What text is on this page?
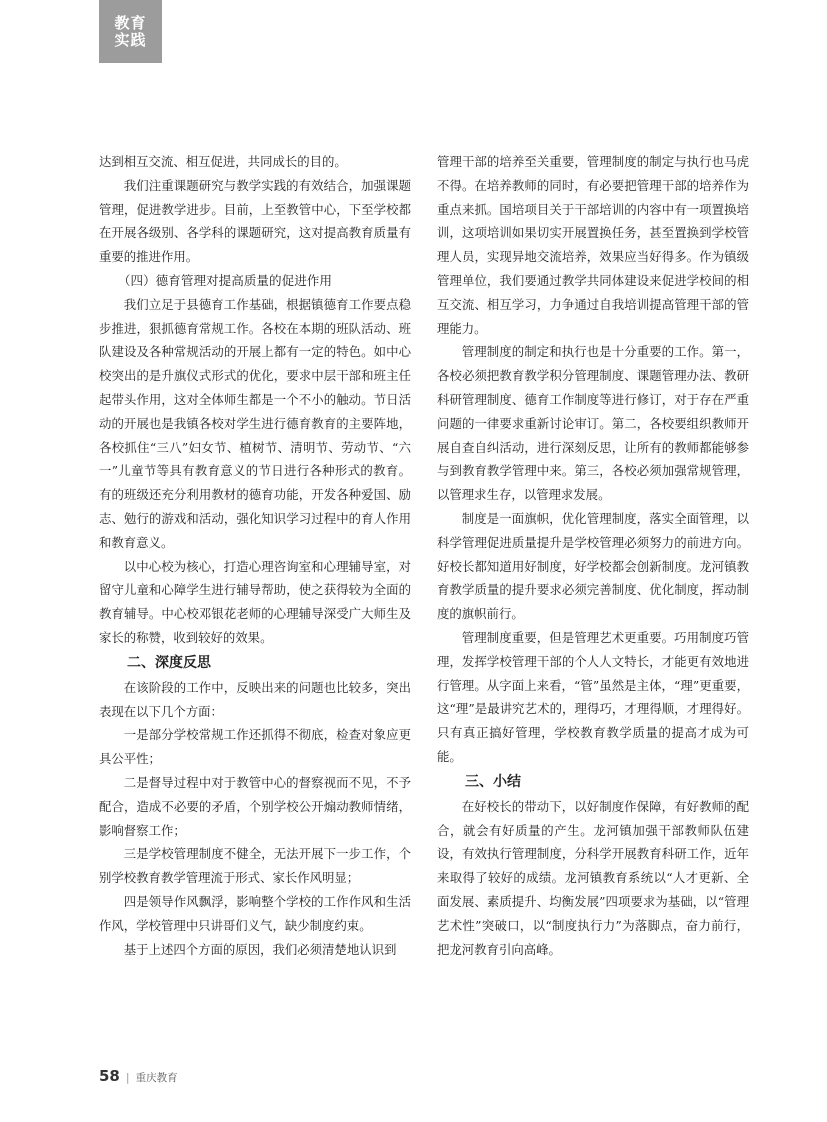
教育
实践

达到相互交流、相互促进，共同成长的目的。

我们注重课题研究与教学实践的有效结合，加强课题管理，促进教学进步。目前，上至教管中心，下至学校都在开展各级别、各学科的课题研究，这对提高教育质量有重要的推进作用。

（四）德育管理对提高质量的促进作用

我们立足于县德育工作基础，根据镇德育工作要点稳步推进，狠抓德育常规工作。各校在本期的班队活动、班队建设及各种常规活动的开展上都有一定的特色。如中心校突出的是升旗仪式形式的优化，要求中层干部和班主任起带头作用，这对全体师生都是一个不小的触动。节日活动的开展也是我镇各校对学生进行德育教育的主要阵地，各校抓住“三八”妇女节、植树节、清明节、劳动节、“六一”儿童节等具有教育意义的节日进行各种形式的教育。有的班级还充分利用教材的德育功能，开发各种爱国、励志、勉行的游戏和活动，强化知识学习过程中的育人作用和教育意义。

以中心校为核心，打造心理咨询室和心理辅导室，对留守儿童和心障学生进行辅导帮助，使之获得较为全面的教育辅导。中心校邓银花老师的心理辅导深受广大师生及家长的称赞，收到较好的效果。

二、深度反思

在该阶段的工作中，反映出来的问题也比较多，突出表现在以下几个方面：

一是部分学校常规工作还抓得不彻底，检查对象应更具公平性；

二是督导过程中对于教管中心的督察视而不见，不予配合，造成不必要的矛盾，个别学校公开煽动教师情绪，影响督察工作；

三是学校管理制度不健全，无法开展下一步工作，个别学校教育教学管理流于形式、家长作风明显；

四是领导作风飘浮，影响整个学校的工作作风和生活作风，学校管理中只讲哥们义气，缺少制度约束。

基于上述四个方面的原因，我们必须清楚地认识到

管理干部的培养至关重要，管理制度的制定与执行也马虎不得。在培养教师的同时，有必要把管理干部的培养作为重点来抓。国培项目关于干部培训的内容中有一项置换培训，这项培训如果切实开展置换任务，甚至置换到学校管理人员，实现异地交流培养，效果应当好得多。作为镇级管理单位，我们要通过教学共同体建设来促进学校间的相互交流、相互学习，力争通过自我培训提高管理干部的管理能力。

管理制度的制定和执行也是十分重要的工作。第一，各校必须把教育教学积分管理制度、课题管理办法、教研科研管理制度、德育工作制度等进行修订，对于存在严重问题的一律要求重新讨论审订。第二，各校要组织教师开展自查自纠活动，进行深刻反思，让所有的教师都能够参与到教育教学管理中来。第三，各校必须加强常规管理，以管理求生存，以管理求发展。

制度是一面旗帜，优化管理制度，落实全面管理，以科学管理促进质量提升是学校管理必须努力的前进方向。好校长都知道用好制度，好学校都会创新制度。龙河镇教育教学质量的提升要求必须完善制度、优化制度，挥动制度的旗帜前行。

管理制度重要，但是管理艺术更重要。巧用制度巧管理，发挥学校管理干部的个人人文特长，才能更有效地进行管理。从字面上来看，“管”虽然是主体，“理”更重要，这“理”是最讲究艺术的，理得巧，才理得顺，才理得好。只有真正搞好管理，学校教育教学质量的提高才成为可能。

三、小结

在好校长的带动下，以好制度作保障，有好教师的配合，就会有好质量的产生。龙河镇加强干部教师队伍建设，有效执行管理制度，分科学开展教育科研工作，近年来取得了较好的成绩。龙河镇教育系统以“人才更新、全面发展、素质提升、均衡发展”四项要求为基础，以“管理艺术性”突破口，以“制度执行力”为落脚点，奋力前行，把龙河教育引向高峰。

58 | 重庆教育
